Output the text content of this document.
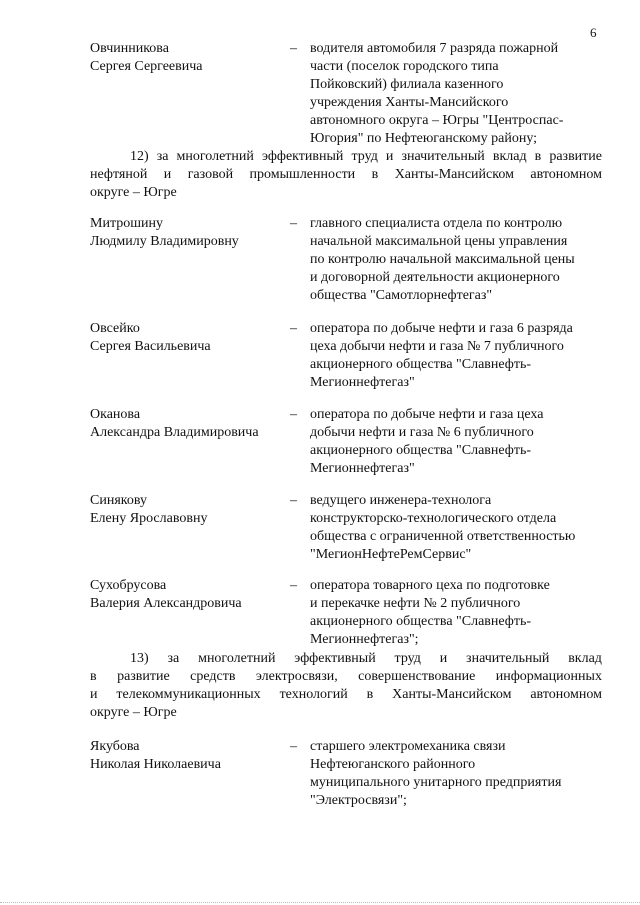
6
Овчинникова
Сергея Сергеевича
– водителя автомобиля 7 разряда пожарной
части (поселок городского типа
Пойковский) филиала казенного
учреждения Ханты-Мансийского
автономного округа – Югры "Центроспас-
Югория" по Нефтеюганскому району;
12) за многолетний эффективный труд и значительный вклад в развитие
нефтяной и газовой промышленности в Ханты-Мансийском автономном
округе – Югре
Митрошину
Людмилу Владимировну
– главного специалиста отдела по контролю
начальной максимальной цены управления
по контролю начальной максимальной цены
и договорной деятельности акционерного
общества "Самотлорнефтегаз"
Овсейко
Сергея Васильевича
– оператора по добыче нефти и газа 6 разряда
цеха добычи нефти и газа № 7 публичного
акционерного общества "Славнефть-
Мегионнефтегаз"
Оканова
Александра Владимировича
– оператора по добыче нефти и газа цеха
добычи нефти и газа № 6 публичного
акционерного общества "Славнефть-
Мегионнефтегаз"
Синякову
Елену Ярославовну
– ведущего инженера-технолога
конструкторско-технологического отдела
общества с ограниченной ответственностью
"МегионНефтеРемСервис"
Сухобрусова
Валерия Александровича
– оператора товарного цеха по подготовке
и перекачке нефти № 2 публичного
акционерного общества "Славнефть-
Мегионнефтегаз";
13) за многолетний эффективный труд и значительный вклад
в развитие средств электросвязи, совершенствование информационных
и телекоммуникационных технологий в Ханты-Мансийском автономном
округе – Югре
Якубова
Николая Николаевича
– старшего электромеханика связи
Нефтеюганского районного
муниципального унитарного предприятия
"Электросвязи";
